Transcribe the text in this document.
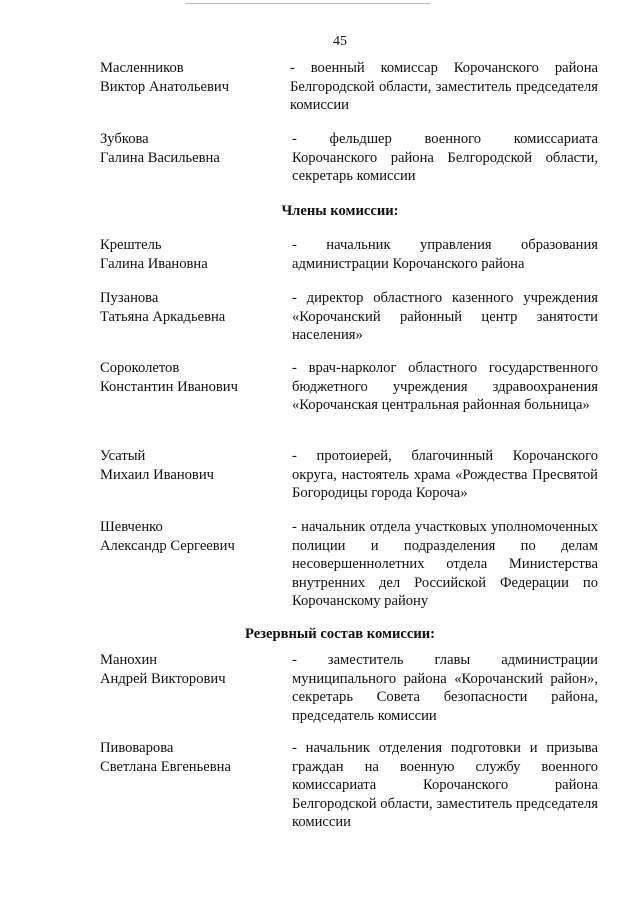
45
Масленников
Виктор Анатольевич
- военный комиссар Корочанского района Белгородской области, заместитель председателя комиссии
Зубкова
Галина Васильевна
- фельдшер военного комиссариата Корочанского района Белгородской области, секретарь комиссии
Члены комиссии:
Крештель
Галина Ивановна
- начальник управления образования администрации Корочанского района
Пузанова
Татьяна Аркадьевна
- директор областного казенного учреждения «Корочанский районный центр занятости населения»
Сороколетов
Константин Иванович
- врач-нарколог областного государственного бюджетного учреждения здравоохранения «Корочанская центральная районная больница»
Усатый
Михаил Иванович
- протоиерей, благочинный Корочанского округа, настоятель храма «Рождества Пресвятой Богородицы города Короча»
Шевченко
Александр Сергеевич
- начальник отдела участковых уполномоченных полиции и подразделения по делам несовершеннолетних отдела Министерства внутренних дел Российской Федерации по Корочанскому району
Резервный состав комиссии:
Манохин
Андрей Викторович
- заместитель главы администрации муниципального района «Корочанский район», секретарь Совета безопасности района, председатель комиссии
Пивоварова
Светлана Евгеньевна
- начальник отделения подготовки и призыва граждан на военную службу военного комиссариата Корочанского района Белгородской области, заместитель председателя комиссии
